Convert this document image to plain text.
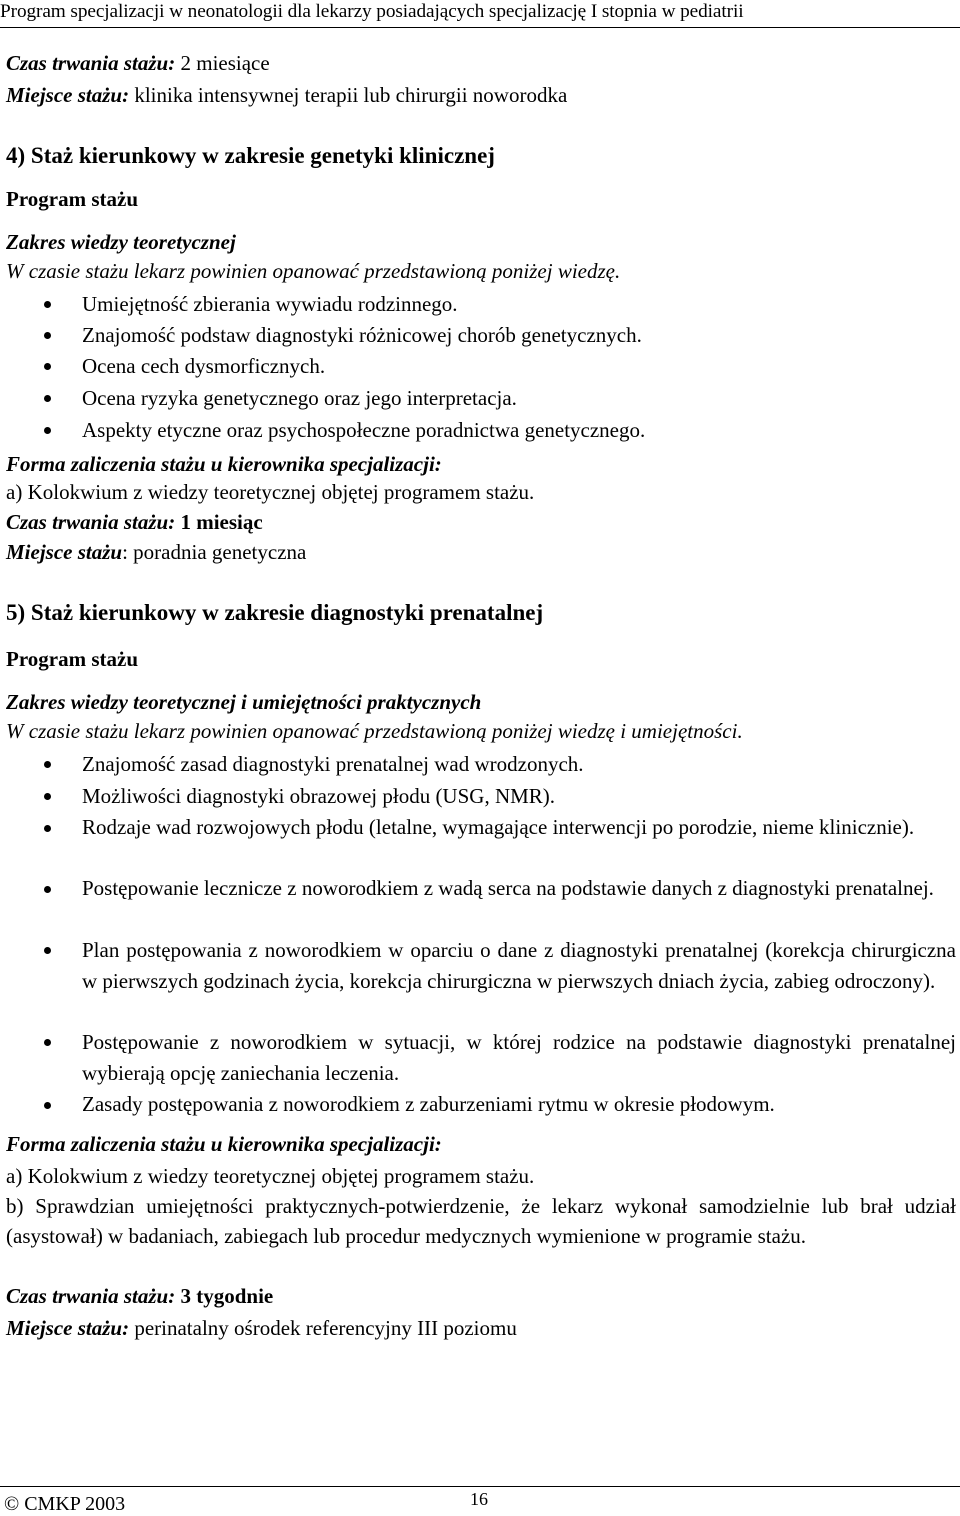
Program specjalizacji w neonatologii dla lekarzy posiadających specjalizację I stopnia w pediatrii
Czas trwania stażu: 2 miesiące
Miejsce stażu: klinika intensywnej terapii lub chirurgii noworodka
4) Staż kierunkowy w zakresie genetyki klinicznej
Program stażu
Zakres wiedzy teoretycznej
W czasie stażu lekarz powinien opanować przedstawioną poniżej wiedzę.
Umiejętność zbierania wywiadu rodzinnego.
Znajomość podstaw diagnostyki różnicowej chorób genetycznych.
Ocena cech dysmorficznych.
Ocena ryzyka genetycznego oraz jego interpretacja.
Aspekty etyczne oraz psychospołeczne poradnictwa genetycznego.
Forma zaliczenia stażu u kierownika specjalizacji:
a) Kolokwium z wiedzy teoretycznej objętej programem stażu.
Czas trwania stażu: 1 miesiąc
Miejsce stażu: poradnia genetyczna
5) Staż kierunkowy w zakresie diagnostyki prenatalnej
Program stażu
Zakres wiedzy teoretycznej i umiejętności praktycznych
W czasie stażu lekarz powinien opanować przedstawioną poniżej wiedzę i umiejętności.
Znajomość zasad diagnostyki prenatalnej wad wrodzonych.
Możliwości diagnostyki obrazowej płodu (USG, NMR).
Rodzaje wad rozwojowych płodu (letalne, wymagające interwencji po porodzie, nieme klinicznie).
Postępowanie lecznicze z noworodkiem z wadą serca na podstawie danych z diagnostyki prenatalnej.
Plan postępowania z noworodkiem w oparciu o dane z diagnostyki prenatalnej (korekcja chirurgiczna w pierwszych godzinach życia, korekcja chirurgiczna w pierwszych dniach życia, zabieg odroczony).
Postępowanie z noworodkiem w sytuacji, w której rodzice na podstawie diagnostyki prenatalnej wybierają opcję zaniechania leczenia.
Zasady postępowania z noworodkiem z zaburzeniami rytmu w okresie płodowym.
Forma zaliczenia stażu u kierownika specjalizacji:
a) Kolokwium z wiedzy teoretycznej objętej programem stażu.
b) Sprawdzian umiejętności praktycznych-potwierdzenie, że lekarz wykonał samodzielnie lub brał udział (asystował) w badaniach, zabiegach lub procedur medycznych wymienione w programie stażu.
Czas trwania stażu: 3 tygodnie
Miejsce stażu: perinatalny ośrodek referencyjny III poziomu
© CMKP 2003	16
